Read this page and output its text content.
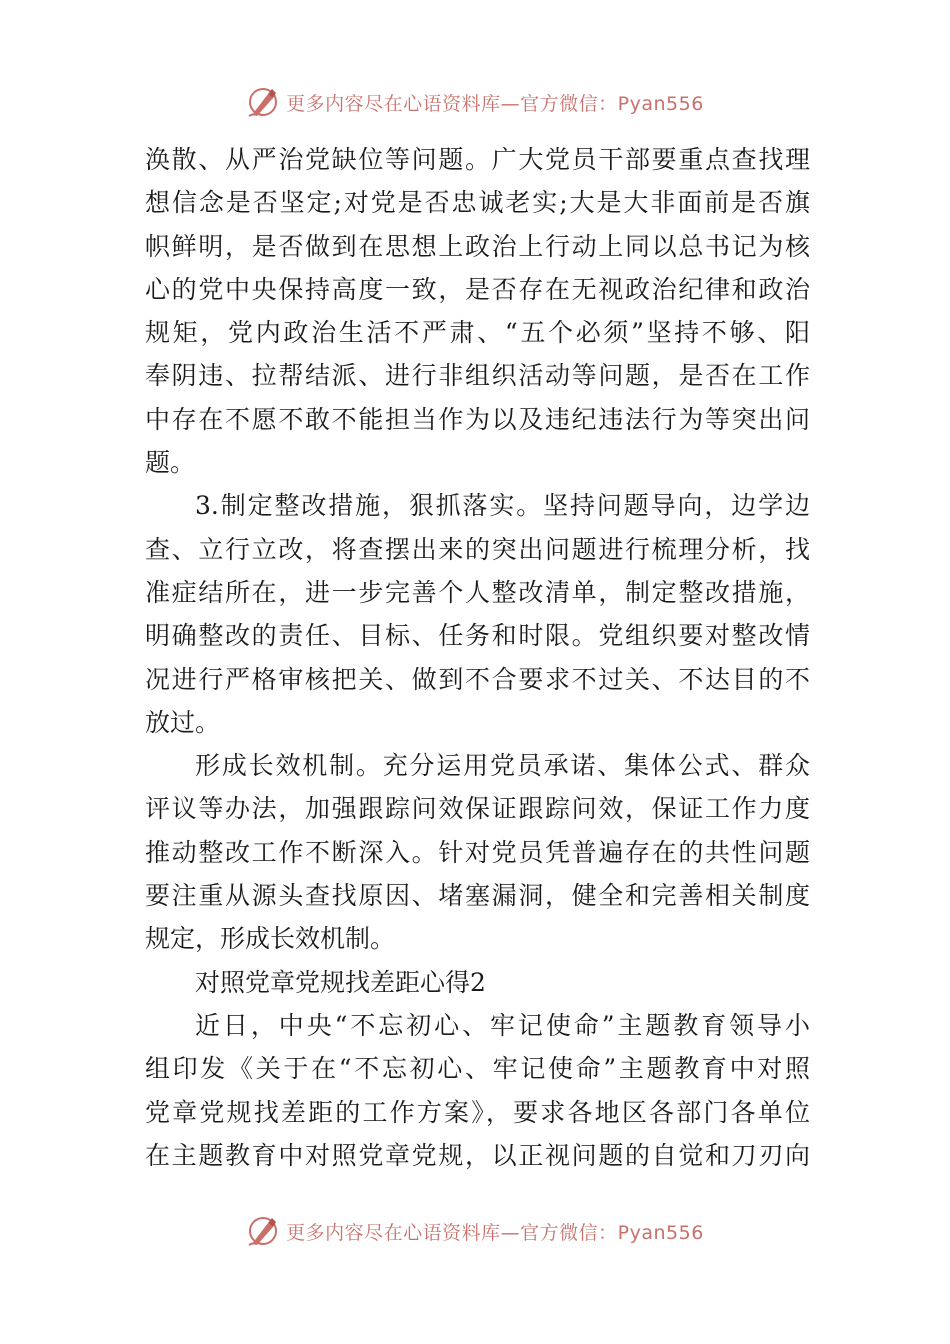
更多内容尽在心语资料库—官方微信：Pyan556
涣散、从严治党缺位等问题。广大党员干部要重点查找理
想信念是否坚定;对党是否忠诚老实;大是大非面前是否旗
帜鲜明，是否做到在思想上政治上行动上同以总书记为核
心的党中央保持高度一致，是否存在无视政治纪律和政治
规矩，党内政治生活不严肃、“五个必须”坚持不够、阳
奉阴违、拉帮结派、进行非组织活动等问题，是否在工作
中存在不愿不敢不能担当作为以及违纪违法行为等突出问
题。
3.制定整改措施，狠抓落实。坚持问题导向，边学边
查、立行立改，将查摆出来的突出问题进行梳理分析，找
准症结所在，进一步完善个人整改清单，制定整改措施，
明确整改的责任、目标、任务和时限。党组织要对整改情
况进行严格审核把关、做到不合要求不过关、不达目的不
放过。
形成长效机制。充分运用党员承诺、集体公式、群众
评议等办法，加强跟踪问效保证跟踪问效，保证工作力度
推动整改工作不断深入。针对党员凭普遍存在的共性问题
要注重从源头查找原因、堵塞漏洞，健全和完善相关制度
规定，形成长效机制。
对照党章党规找差距心得2
近日，中央“不忘初心、牢记使命”主题教育领导小
组印发《关于在“不忘初心、牢记使命”主题教育中对照
党章党规找差距的工作方案》，要求各地区各部门各单位
在主题教育中对照党章党规，以正视问题的自觉和刀刃向
更多内容尽在心语资料库—官方微信：Pyan556
